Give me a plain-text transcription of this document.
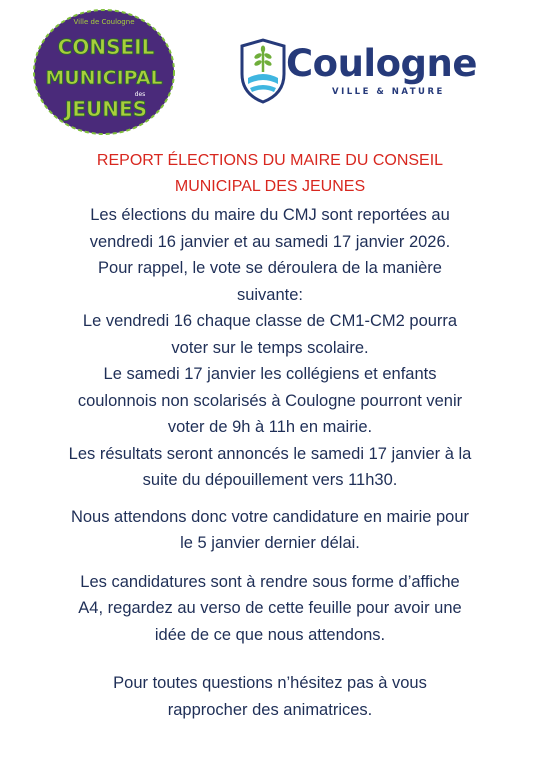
Ville de Coulogne
CONSEIL
MUNICIPAL
des
JEUNES
Coulogne
VILLE & NATURE
REPORT ÉLECTIONS DU MAIRE DU CONSEIL
MUNICIPAL DES JEUNES

Les élections du maire du CMJ sont reportées au
vendredi 16 janvier et au samedi 17 janvier 2026.
Pour rappel, le vote se déroulera de la manière
suivante:
Le vendredi 16 chaque classe de CM1-CM2 pourra
voter sur le temps scolaire.
Le samedi 17 janvier les collégiens et enfants
coulonnois non scolarisés à Coulogne pourront venir
voter de 9h à 11h en mairie.
Les résultats seront annoncés le samedi 17 janvier à la
suite du dépouillement vers 11h30.

Nous attendons donc votre candidature en mairie pour
le 5 janvier dernier délai.

Les candidatures sont à rendre sous forme d’affiche
A4, regardez au verso de cette feuille pour avoir une
idée de ce que nous attendons.

Pour toutes questions n’hésitez pas à vous
rapprocher des animatrices.
